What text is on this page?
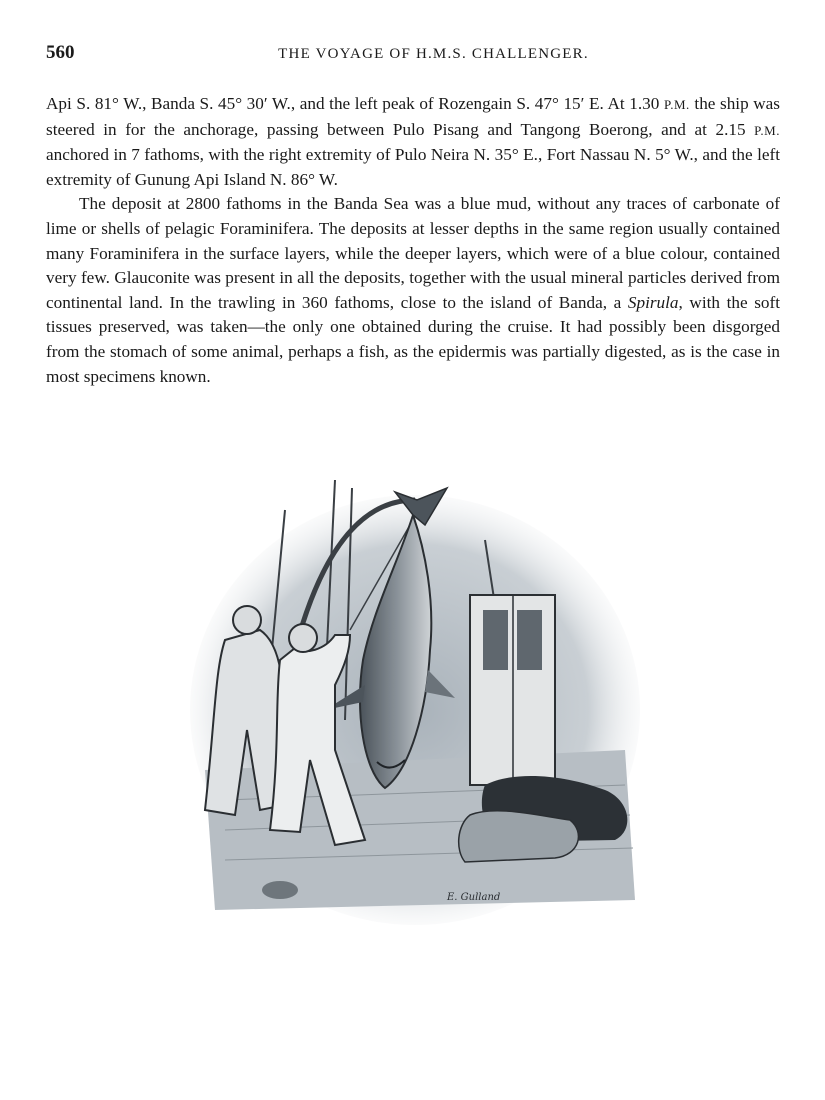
560	THE VOYAGE OF H.M.S. CHALLENGER.

Api S. 81° W., Banda S. 45° 30′ W., and the left peak of Rozengain S. 47° 15′ E. At 1.30 P.M. the ship was steered in for the anchorage, passing between Pulo Pisang and Tangong Boerong, and at 2.15 P.M. anchored in 7 fathoms, with the right extremity of Pulo Neira N. 35° E., Fort Nassau N. 5° W., and the left extremity of Gunung Api Island N. 86° W.

The deposit at 2800 fathoms in the Banda Sea was a blue mud, without any traces of carbonate of lime or shells of pelagic Foraminifera. The deposits at lesser depths in the same region usually contained many Foraminifera in the surface layers, while the deeper layers, which were of a blue colour, contained very few. Glauconite was present in all the deposits, together with the usual mineral particles derived from continental land. In the trawling in 360 fathoms, close to the island of Banda, a Spirula, with the soft tissues preserved, was taken—the only one obtained during the cruise. It had possibly been disgorged from the stomach of some animal, perhaps a fish, as the epidermis was partially digested, as is the case in most specimens known.

E. Gulland
